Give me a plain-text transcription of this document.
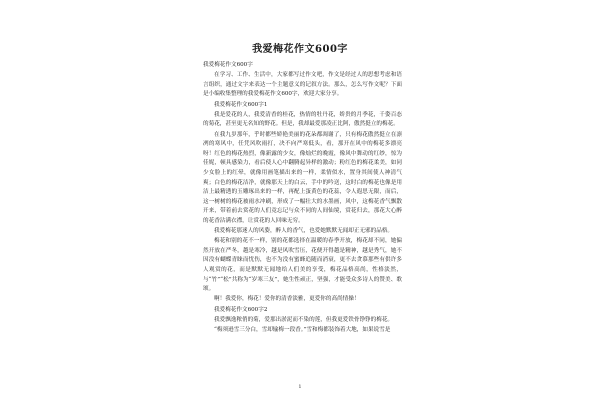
我爱梅花作文600字

我爱梅花作文600字

在学习、工作、生活中，大家都写过作文吧，作文是经过人的思想考虑和语言组织，通过文字来表达一个主题意义的记叙方法。那么，怎么写作文呢？下面是小编收集整理的我爱梅花作文600字，欢迎大家分享。

我爱梅花作文600字1

我是爱花的人，我爱清香的桂花，热情的牡丹花，娇贵的月季花，千姿百态的菊花，甚至更无名知的野花。但是，我却最爱那凌正比阿，傲然挺立的梅花。

在我九岁那年，乎时都些娇艳美丽的花朵都凋谢了，只有梅花傲然挺立在凛冽的寒风中，任凭风吹雨打，决不向严寒低头，看，那开在风中的梅花多漂亮呀！红色的梅花热烈，像新露的少女，像灿烂的晚霞，像风中舞动的红纱，惊为佳妮，顿具感染力，看后使人心中翻腾起异样的激动；粉红色的梅花柔美，如同少女脸上的红晕，就像用画笔描出来的一样，柔情似水，置身其间使人神清气爽；白色的梅花洁净，就像那天上的白云，手中的吟送，这时白的梅花也像是用洁上最精透的玉雕琢出来的一样，再配上蛋黄色的花蕊，令人遐思无限，而后，这一树树的梅花被雨水冲刷，形成了一幅壮大的水墨画，风中，这梅花香气飘散开来，带着前去赏花的人们竟忘记与众不同的人间仙境，赏花归去，那花大心醉的花香沾满衣襟，让赏花的人回味无穷。

我爱梅花那迷人的风姿，醉人的香气，也爱她默默无闻却正无邪的品格。

梅花和别的花不一样，别的花都选择在温暖的春季开放，梅花却不同，她偏然开放在严冬，越是寒冷，越是风吹雪压，花便开得越是精神，越是秀气，她不因没有蝴蝶青睐而忧伤，也不为没有蜜蜂追随而消衰，更不去贪慕那些有供许多人观赏的花，而是默默无闻地给人们美的享受，梅花品格高尚，性格淡然，与“竹”“松”共称为“岁寒三友”，她生性顽正，坚强，才能受众多诗人的赞美、歌颂。

啊！我爱你，梅花！爱你的清香淡雅，更爱你的高尚情操！

我爱梅花作文600字2

我爱飘逸秾俏的菊，爱那出淤泥而不染的莲，但我更爱铁骨铮铮的梅花。

“梅须逊雪三分白，雪却输梅一段香。”雪和梅都装饰着大地，如果说雪是

1
